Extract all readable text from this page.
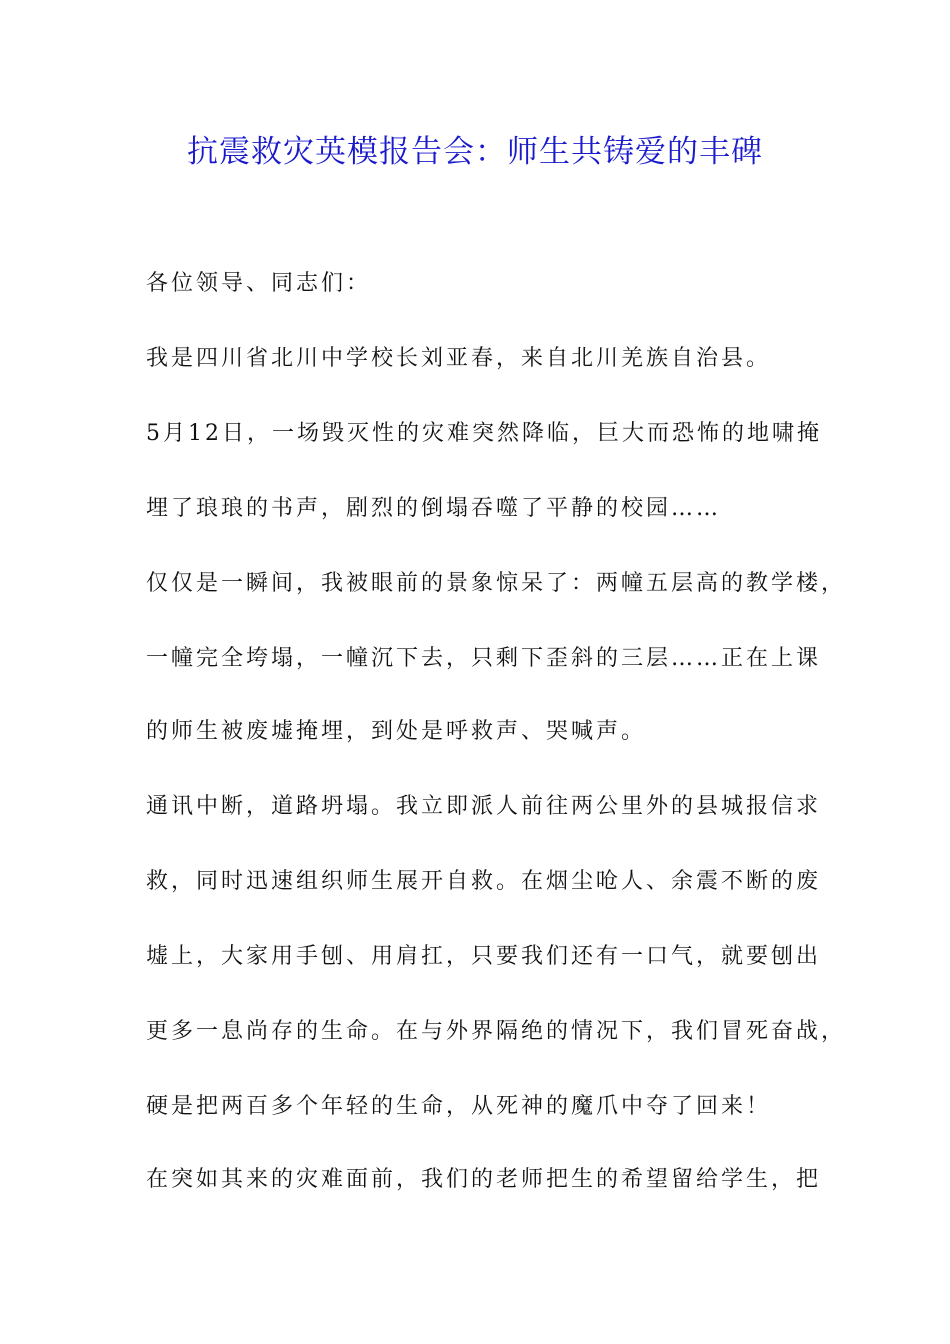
抗震救灾英模报告会：师生共铸爱的丰碑
各位领导、同志们：
我是四川省北川中学校长刘亚春，来自北川羌族自治县。
5月12日，一场毁灭性的灾难突然降临，巨大而恐怖的地啸掩
埋了琅琅的书声，剧烈的倒塌吞噬了平静的校园……
仅仅是一瞬间，我被眼前的景象惊呆了：两幢五层高的教学楼，
一幢完全垮塌，一幢沉下去，只剩下歪斜的三层……正在上课
的师生被废墟掩埋，到处是呼救声、哭喊声。
通讯中断，道路坍塌。我立即派人前往两公里外的县城报信求
救，同时迅速组织师生展开自救。在烟尘呛人、余震不断的废
墟上，大家用手刨、用肩扛，只要我们还有一口气，就要刨出
更多一息尚存的生命。在与外界隔绝的情况下，我们冒死奋战，
硬是把两百多个年轻的生命，从死神的魔爪中夺了回来！
在突如其来的灾难面前，我们的老师把生的希望留给学生，把
